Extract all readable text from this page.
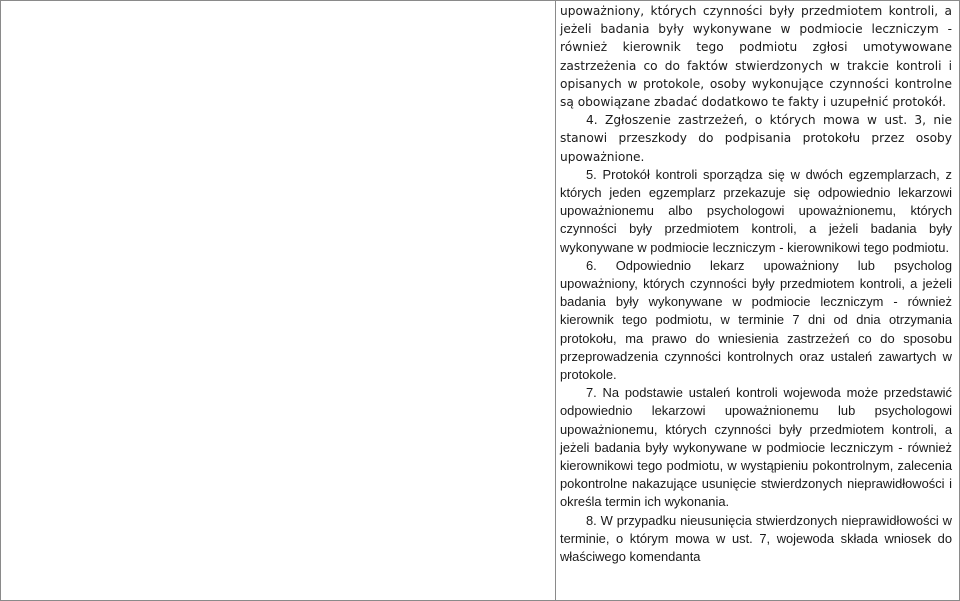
upoważniony, których czynności były przedmiotem kontroli, a jeżeli badania były wykonywane w podmiocie leczniczym - również kierownik tego podmiotu zgłosi umotywowane zastrzeżenia co do faktów stwierdzonych w trakcie kontroli i opisanych w protokole, osoby wykonujące czynności kontrolne są obowiązane zbadać dodatkowo te fakty i uzupełnić protokół.

4. Zgłoszenie zastrzeżeń, o których mowa w ust. 3, nie stanowi przeszkody do podpisania protokołu przez osoby upoważnione.

5. Protokół kontroli sporządza się w dwóch egzemplarzach, z których jeden egzemplarz przekazuje się odpowiednio lekarzowi upoważnionemu albo psychologowi upoważnionemu, których czynności były przedmiotem kontroli, a jeżeli badania były wykonywane w podmiocie leczniczym - kierownikowi tego podmiotu.

6. Odpowiednio lekarz upoważniony lub psycholog upoważniony, których czynności były przedmiotem kontroli, a jeżeli badania były wykonywane w podmiocie leczniczym - również kierownik tego podmiotu, w terminie 7 dni od dnia otrzymania protokołu, ma prawo do wniesienia zastrzeżeń co do sposobu przeprowadzenia czynności kontrolnych oraz ustaleń zawartych w protokole.

7. Na podstawie ustaleń kontroli wojewoda może przedstawić odpowiednio lekarzowi upoważnionemu lub psychologowi upoważnionemu, których czynności były przedmiotem kontroli, a jeżeli badania były wykonywane w podmiocie leczniczym - również kierownikowi tego podmiotu, w wystąpieniu pokontrolnym, zalecenia pokontrolne nakazujące usunięcie stwierdzonych nieprawidłowości i określa termin ich wykonania.

8. W przypadku nieusunięcia stwierdzonych nieprawidłowości w terminie, o którym mowa w ust. 7, wojewoda składa wniosek do właściwego komendanta
